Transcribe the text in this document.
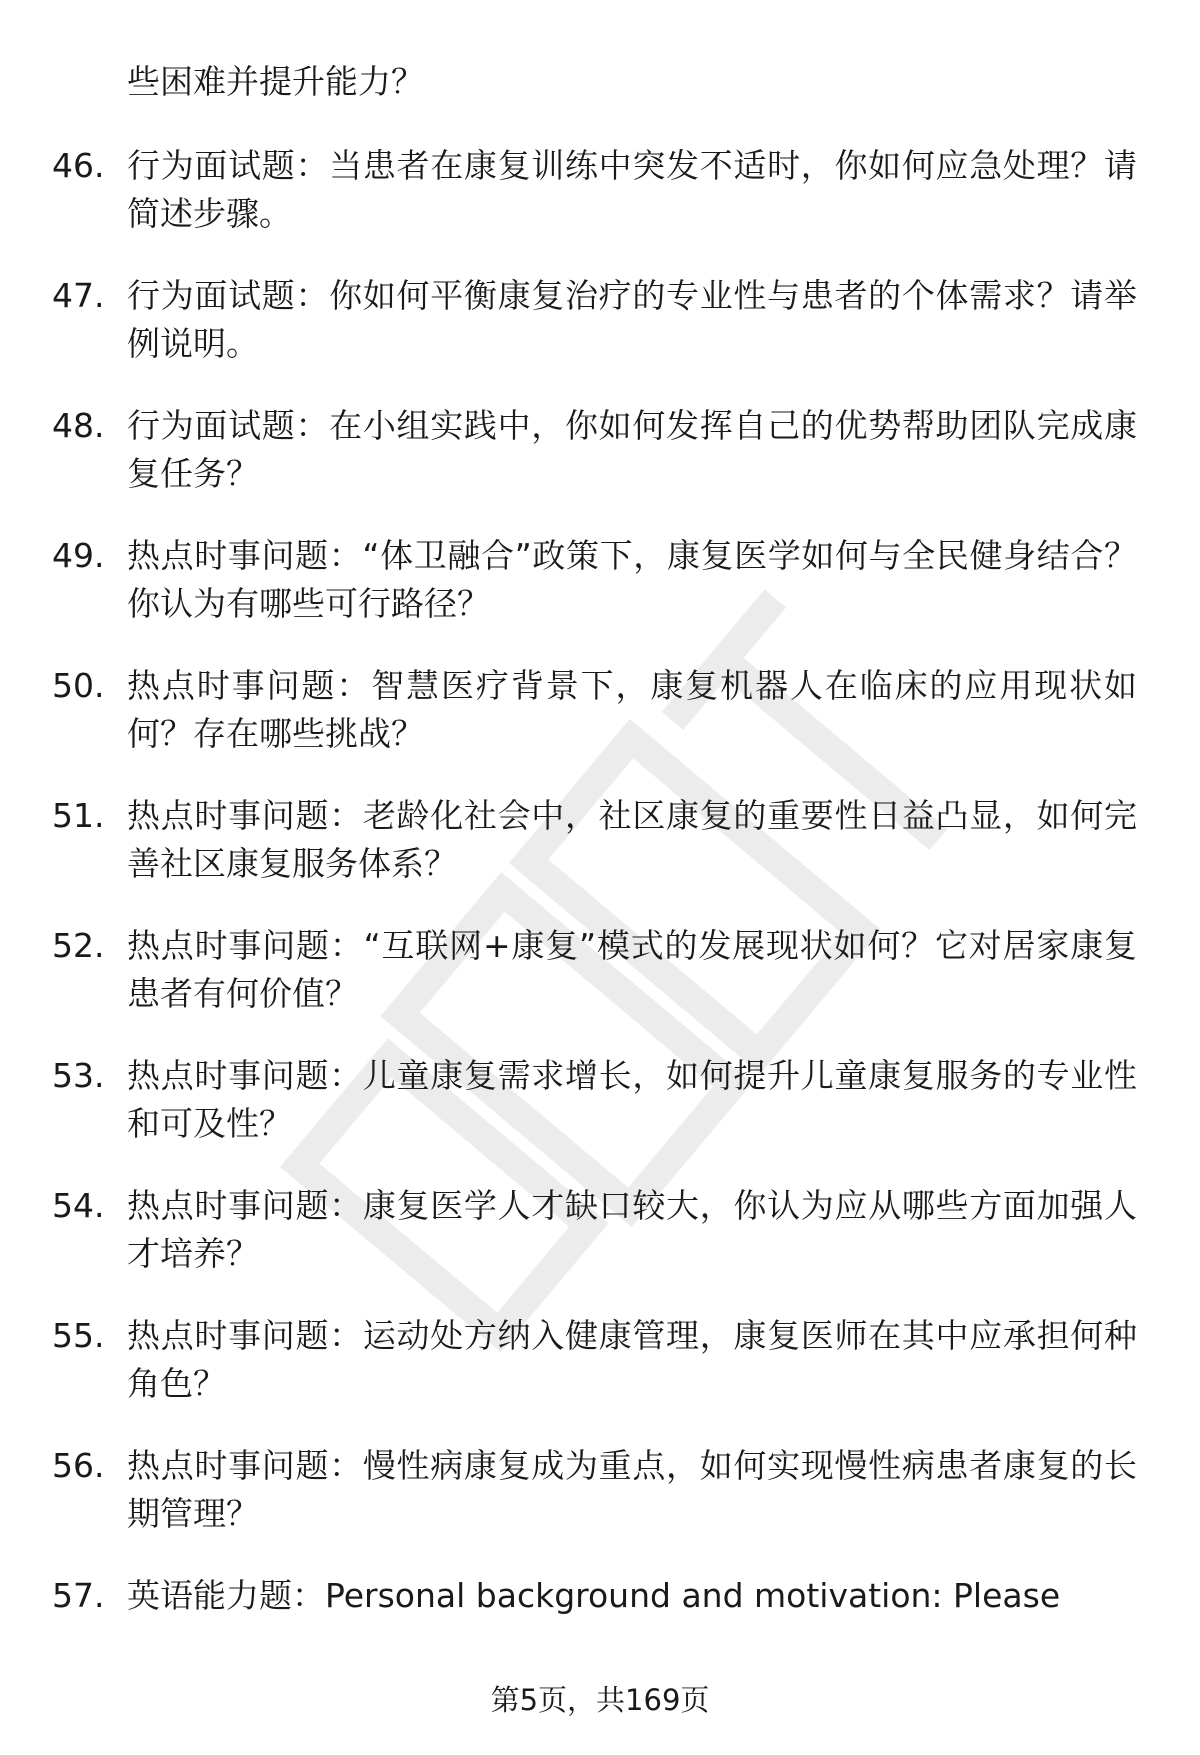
些困难并提升能力？
46. 行为面试题：当患者在康复训练中突发不适时，你如何应急处理？请简述步骤。
47. 行为面试题：你如何平衡康复治疗的专业性与患者的个体需求？请举例说明。
48. 行为面试题：在小组实践中，你如何发挥自己的优势帮助团队完成康复任务？
49. 热点时事问题：“体卫融合”政策下，康复医学如何与全民健身结合？你认为有哪些可行路径？
50. 热点时事问题：智慧医疗背景下，康复机器人在临床的应用现状如何？存在哪些挑战？
51. 热点时事问题：老龄化社会中，社区康复的重要性日益凸显，如何完善社区康复服务体系？
52. 热点时事问题：“互联网+康复”模式的发展现状如何？它对居家康复患者有何价值？
53. 热点时事问题：儿童康复需求增长，如何提升儿童康复服务的专业性和可及性？
54. 热点时事问题：康复医学人才缺口较大，你认为应从哪些方面加强人才培养？
55. 热点时事问题：运动处方纳入健康管理，康复医师在其中应承担何种角色？
56. 热点时事问题：慢性病康复成为重点，如何实现慢性病患者康复的长期管理？
57. 英语能力题：Personal background and motivation: Please
第5页，共169页
